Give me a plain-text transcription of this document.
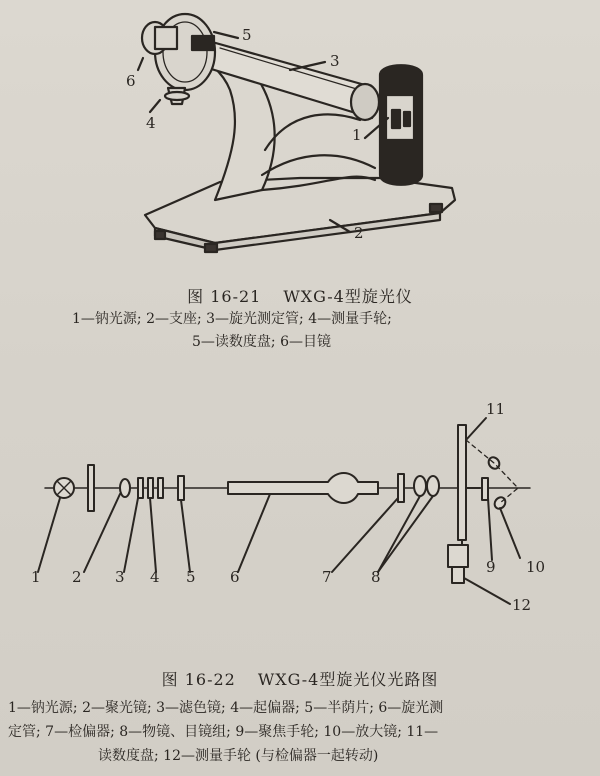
6
4
5
3
1
2
图 16-21 WXG-4型旋光仪
1—钠光源; 2—支座; 3—旋光测定管; 4—测量手轮;
5—读数度盘; 6—目镜
1 2 3 4 5 6	7	8
9 10
11
12
图 16-22 WXG-4型旋光仪光路图
1—钠光源; 2—聚光镜; 3—滤色镜; 4—起偏器; 5—半荫片; 6—旋光测
定管; 7—检偏器; 8—物镜、目镜组; 9—聚焦手轮; 10—放大镜; 11—
读数度盘; 12—测量手轮 (与检偏器一起转动)
